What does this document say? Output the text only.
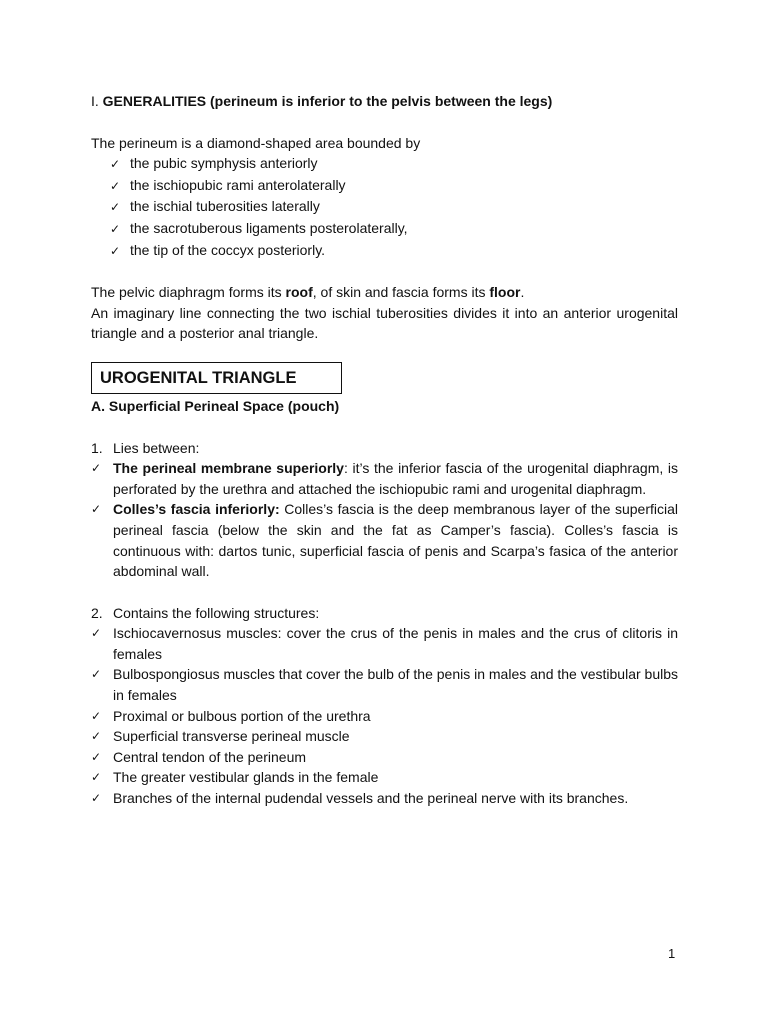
I. GENERALITIES (perineum is inferior to the pelvis between the legs)

The perineum is a diamond-shaped area bounded by

✓ the pubic symphysis anteriorly
✓ the ischiopubic rami anterolaterally
✓ the ischial tuberosities laterally
✓ the sacrotuberous ligaments posterolaterally,
✓ the tip of the coccyx posteriorly.

The pelvic diaphragm forms its roof, of skin and fascia forms its floor.

An imaginary line connecting the two ischial tuberosities divides it into an anterior urogenital triangle and a posterior anal triangle.

UROGENITAL TRIANGLE

A. Superficial Perineal Space (pouch)

1. Lies between:

✓ The perineal membrane superiorly: it’s the inferior fascia of the urogenital diaphragm, is perforated by the urethra and attached the ischiopubic rami and urogenital diaphragm.
✓ Colles’s fascia inferiorly: Colles’s fascia is the deep membranous layer of the superficial perineal fascia (below the skin and the fat as Camper’s fascia). Colles’s fascia is continuous with: dartos tunic, superficial fascia of penis and Scarpa’s fasica of the anterior abdominal wall.

2. Contains the following structures:

✓ Ischiocavernosus muscles: cover the crus of the penis in males and the crus of clitoris in females
✓ Bulbospongiosus muscles that cover the bulb of the penis in males and the vestibular bulbs in females
✓ Proximal or bulbous portion of the urethra
✓ Superficial transverse perineal muscle
✓ Central tendon of the perineum
✓ The greater vestibular glands in the female
✓ Branches of the internal pudendal vessels and the perineal nerve with its branches.
1
